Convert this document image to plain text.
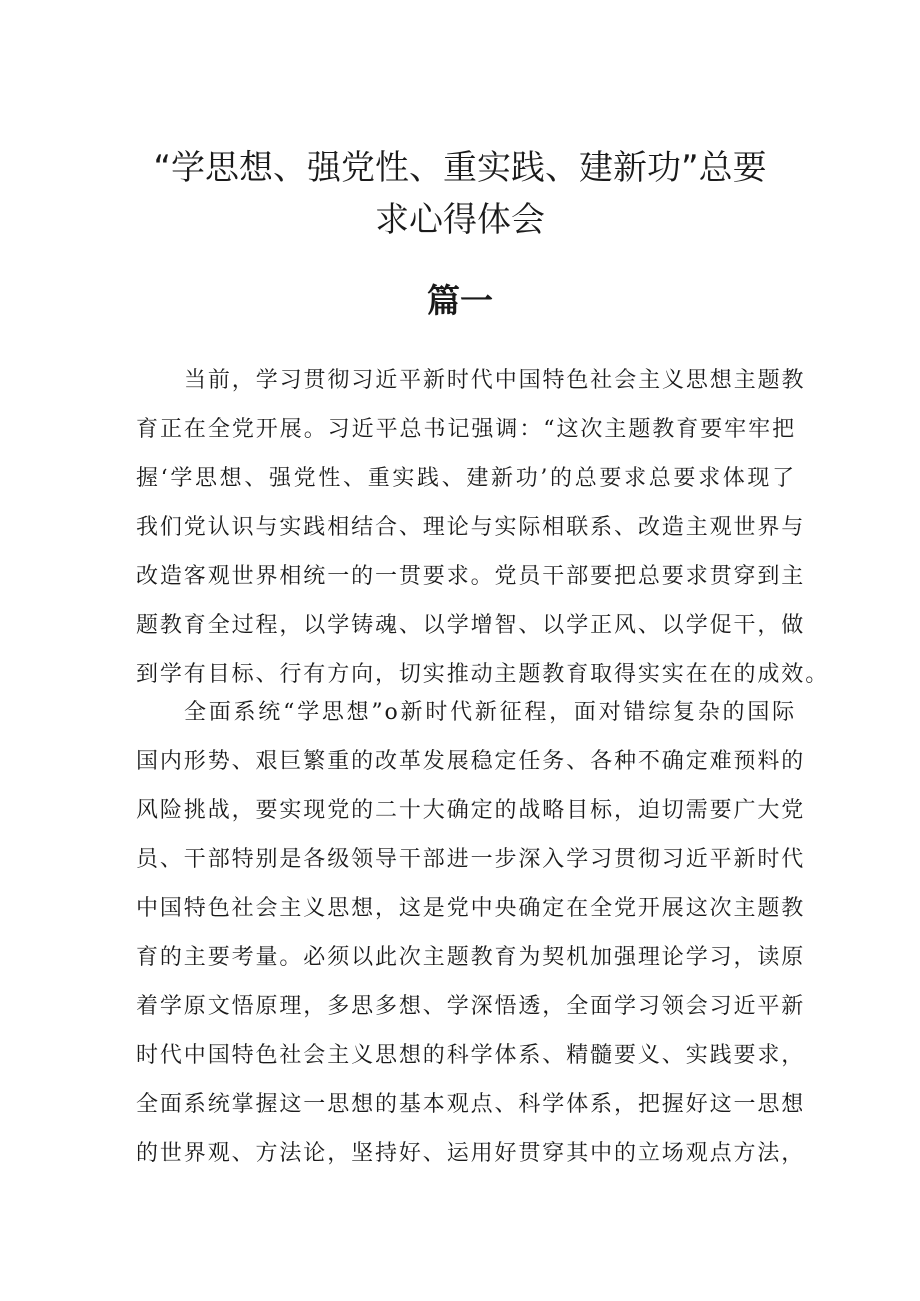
“学思想、强党性、重实践、建新功”总要
求心得体会
篇一
当前，学习贯彻习近平新时代中国特色社会主义思想主题教
育正在全党开展。习近平总书记强调：“这次主题教育要牢牢把
握‘学思想、强党性、重实践、建新功’的总要求总要求体现了
我们党认识与实践相结合、理论与实际相联系、改造主观世界与
改造客观世界相统一的一贯要求。党员干部要把总要求贯穿到主
题教育全过程，以学铸魂、以学增智、以学正风、以学促干，做
到学有目标、行有方向，切实推动主题教育取得实实在在的成效。
全面系统“学思想”o新时代新征程，面对错综复杂的国际
国内形势、艰巨繁重的改革发展稳定任务、各种不确定难预料的
风险挑战，要实现党的二十大确定的战略目标，迫切需要广大党
员、干部特别是各级领导干部进一步深入学习贯彻习近平新时代
中国特色社会主义思想，这是党中央确定在全党开展这次主题教
育的主要考量。必须以此次主题教育为契机加强理论学习，读原
着学原文悟原理，多思多想、学深悟透，全面学习领会习近平新
时代中国特色社会主义思想的科学体系、精髓要义、实践要求，
全面系统掌握这一思想的基本观点、科学体系，把握好这一思想
的世界观、方法论，坚持好、运用好贯穿其中的立场观点方法，
